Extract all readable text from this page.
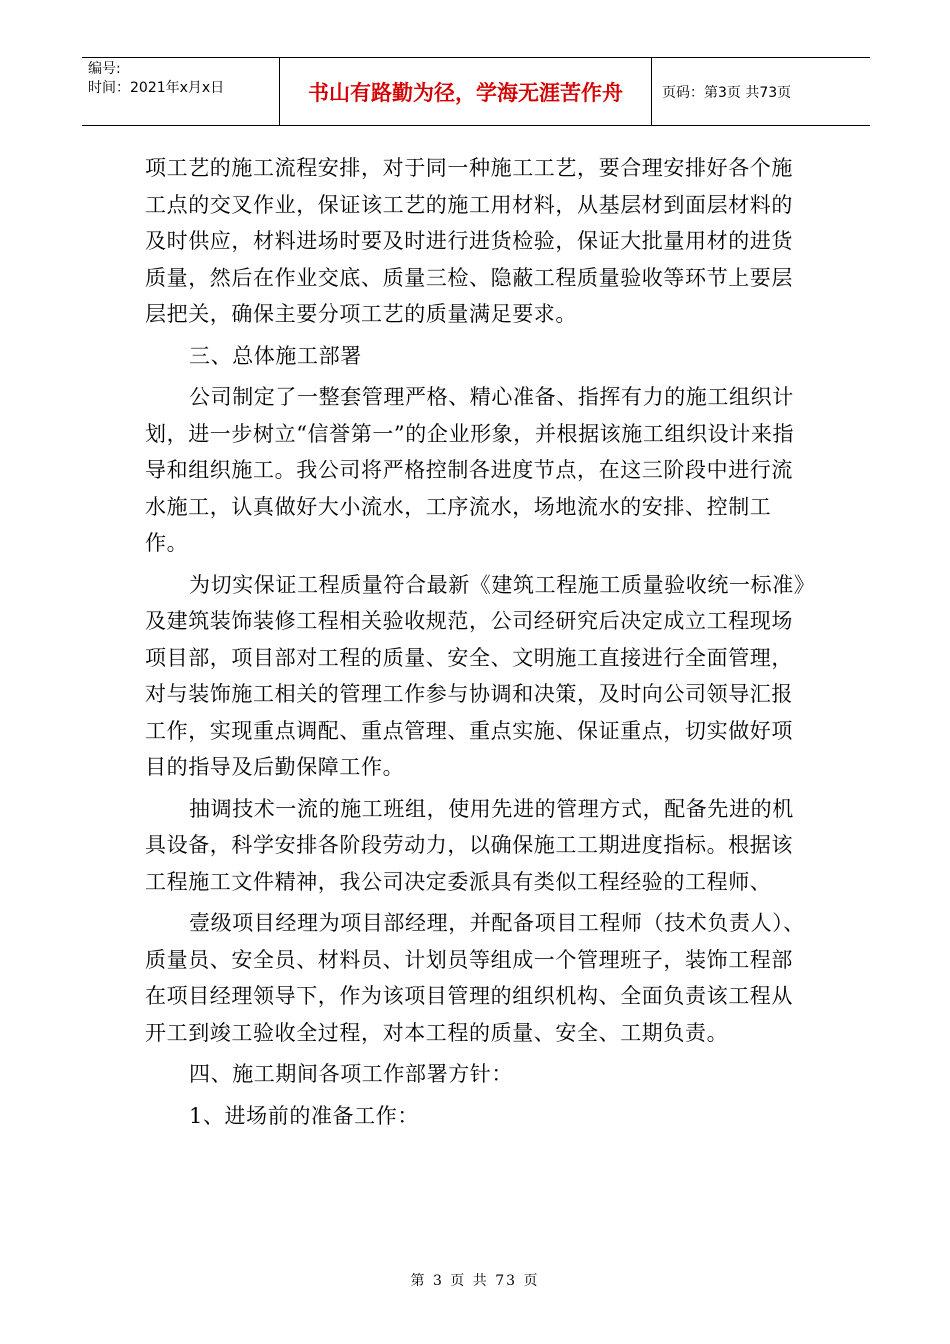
编号:
时间：2021年x月x日	书山有路勤为径，学海无涯苦作舟	页码：第3页 共73页

项工艺的施工流程安排，对于同一种施工工艺，要合理安排好各个施工点的交叉作业，保证该工艺的施工用材料，从基层材到面层材料的及时供应，材料进场时要及时进行进货检验，保证大批量用材的进货质量，然后在作业交底、质量三检、隐蔽工程质量验收等环节上要层层把关，确保主要分项工艺的质量满足要求。

三、总体施工部署

公司制定了一整套管理严格、精心准备、指挥有力的施工组织计划，进一步树立“信誉第一”的企业形象，并根据该施工组织设计来指导和组织施工。我公司将严格控制各进度节点，在这三阶段中进行流水施工，认真做好大小流水，工序流水，场地流水的安排、控制工作。

为切实保证工程质量符合最新《建筑工程施工质量验收统一标准》及建筑装饰装修工程相关验收规范，公司经研究后决定成立工程现场项目部，项目部对工程的质量、安全、文明施工直接进行全面管理，对与装饰施工相关的管理工作参与协调和决策，及时向公司领导汇报工作，实现重点调配、重点管理、重点实施、保证重点，切实做好项目的指导及后勤保障工作。

抽调技术一流的施工班组，使用先进的管理方式，配备先进的机具设备，科学安排各阶段劳动力，以确保施工工期进度指标。根据该工程施工文件精神，我公司决定委派具有类似工程经验的工程师、

壹级项目经理为项目部经理，并配备项目工程师（技术负责人）、质量员、安全员、材料员、计划员等组成一个管理班子，装饰工程部在项目经理领导下，作为该项目管理的组织机构、全面负责该工程从开工到竣工验收全过程，对本工程的质量、安全、工期负责。

四、施工期间各项工作部署方针：

1、进场前的准备工作：

第 3 页 共 73 页
